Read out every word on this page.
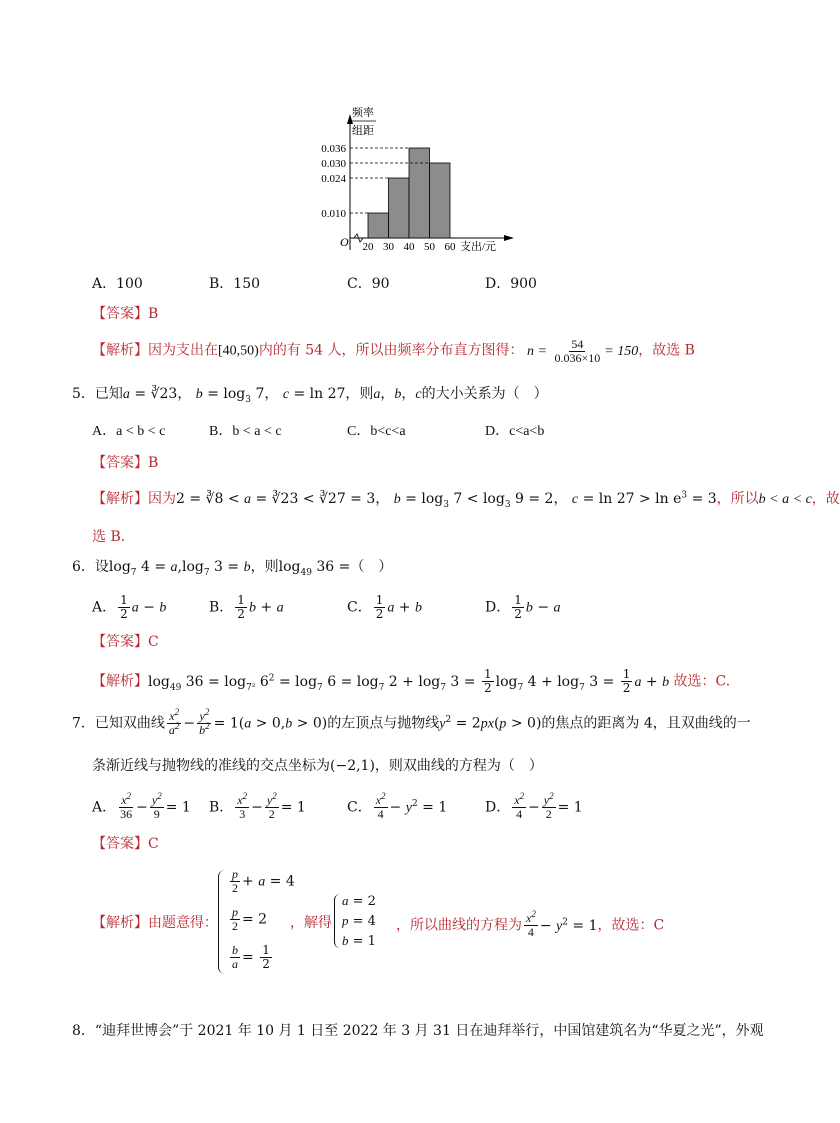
频率
组距
O
0.036
0.030
0.024
0.010
20 30 40 50 60 支出/元
A．100	B．150	C．90	D．900
【答案】B
【解析】因为支出在[40,50)内的有 54 人，所以由频率分布直方图得： $n = \frac{54}{0.036\times 10} = 150$，故选 B
5．已知a = ∛23， $b = \log_3 7$， c = ln 27，则a，b，c的大小关系为（　）
A．a < b < c	B．b < a < c	C．b<c<a	D．c<a<b
【答案】B
【解析】因为2 = ∛8 < a = ∛23 < ∛27 = 3， $b = \log_3 7 < \log_3 9 = 2$， $c = \ln 27 > \ln e^3 = 3$，所以b < a < c，故
选 B．
6．设$\log_7 4 = a,\log_7$ 3 = b，则$\log_{49} 36$ =（　）
A． $\frac{1}{2}$ a − b	B． $\frac{1}{2}$ b + a	C． $\frac{1}{2}$ a + b	D． $\frac{1}{2}$ b − a
【答案】C
【解析】$\log_{49} 36 = \log_{7^2} 6^2 = \log_7 6 = \log_7 2 + \log_7 3 = \frac{1}{2} \log_7 4 + \log_7 3 = \frac{1}{2}$ a + b 故选：C.
7．已知双曲线 $\frac{x^2}{a^2} - \frac{y^2}{b^2} = 1(a > 0,b > 0)$的左顶点与抛物线$y^2 = 2px(p > 0)$的焦点的距离为 4，且双曲线的一
条渐近线与抛物线的准线的交点坐标为(−2,1)，则双曲线的方程为（　）
A． $\frac{x^2}{36} - \frac{y^2}{9} = 1$ B． $\frac{x^2}{3} - \frac{y^2}{2} = 1$	C． $\frac{x^2}{4} - y^2 = 1$	D． $\frac{x^2}{4} - \frac{y^2}{2} = 1$
【答案】C
【解析】由题意得：
$\frac{p}{2} + a = 4$
$\frac{p}{2} = 2$
$\frac{b}{a} = \frac{1}{2}$
，解得
a = 2
p = 4
b = 1
，所以曲线的方程为 $\frac{x^2}{4} - y^2 = 1$，故选：C
8．“迪拜世博会”于 2021 年 10 月 1 日至 2022 年 3 月 31 日在迪拜举行，中国馆建筑名为“华夏之光”，外观
